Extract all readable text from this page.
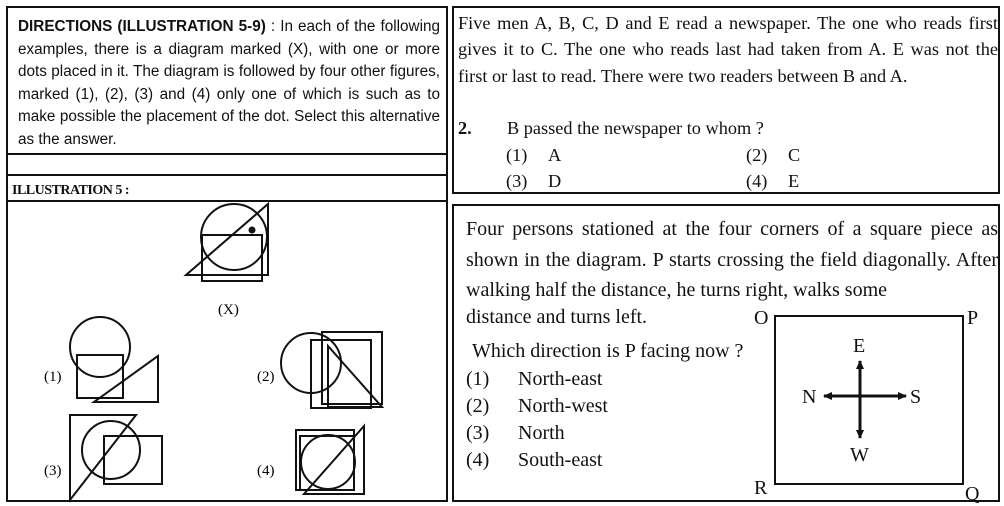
DIRECTIONS (ILLUSTRATION 5-9) : In each of the following examples, there is a diagram marked (X), with one or more dots placed in it. The diagram is followed by four other figures, marked (1), (2), (3) and (4) only one of which is such as to make possible the placement of the dot. Select this alternative as the answer.
ILLUSTRATION 5 :
(X)
(1)	(2)
(3)	(4)
Five men A, B, C, D and E read a newspaper. The one who reads first gives it to C. The one who reads last had taken from A. E was not the first or last to read. There were two readers between B and A.
2. B passed the newspaper to whom ?
(1) A	(2) C
(3) D	(4) E
Four persons stationed at the four corners of a square piece as shown in the diagram. P starts crossing the field diagonally. After walking half the distance, he turns right, walks some
distance and turns left.
Which direction is P facing now ?
(1) North-east
(2) North-west
(3) North
(4) South-east
O	P
R	Q
E
W
N	S
